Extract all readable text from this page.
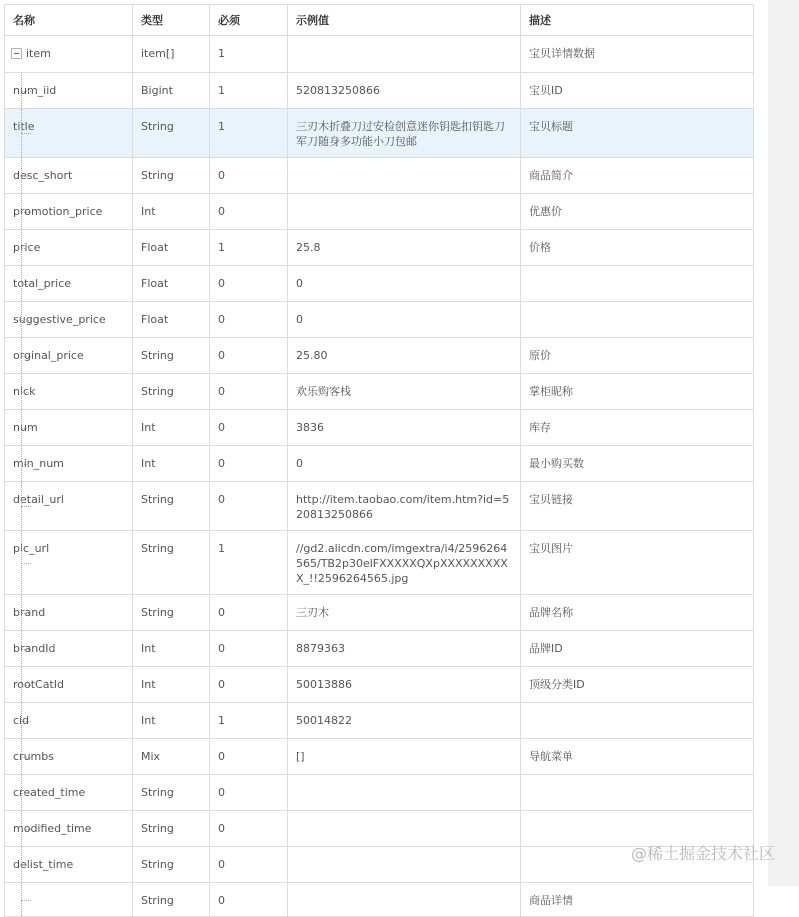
名称	类型	必须	示例值	描述

item	item[]	1		宝贝详情数据

num_iid	Bigint	1	520813250866	宝贝ID

title	String	1	三刃木折叠刀过安检创意迷你钥匙扣钥匙刀军刀随身多功能小刀包邮	宝贝标题

desc_short	String	0		商品简介

promotion_price	Int	0		优惠价

price	Float	1	25.8	价格

total_price	Float	0	0	

suggestive_price	Float	0	0	

orginal_price	String	0	25.80	原价

nick	String	0	欢乐购客栈	掌柜昵称

num	Int	0	3836	库存

min_num	Int	0	0	最小购买数

detail_url	String	0	http://item.taobao.com/item.htm?id=520813250866	宝贝链接

pic_url	String	1	//gd2.alicdn.com/imgextra/i4/2596264565/TB2p30elFXXXXXQXpXXXXXXXXXX_!!2596264565.jpg	宝贝图片

brand	String	0	三刃木	品牌名称

brandId	Int	0	8879363	品牌ID

rootCatId	Int	0	50013886	顶级分类ID

cid	Int	1	50014822	

crumbs	Mix	0	[]	导航菜单

created_time	String	0		

modified_time	String	0		

delist_time	String	0		

	String	0		商品详情
@稀土掘金技术社区
